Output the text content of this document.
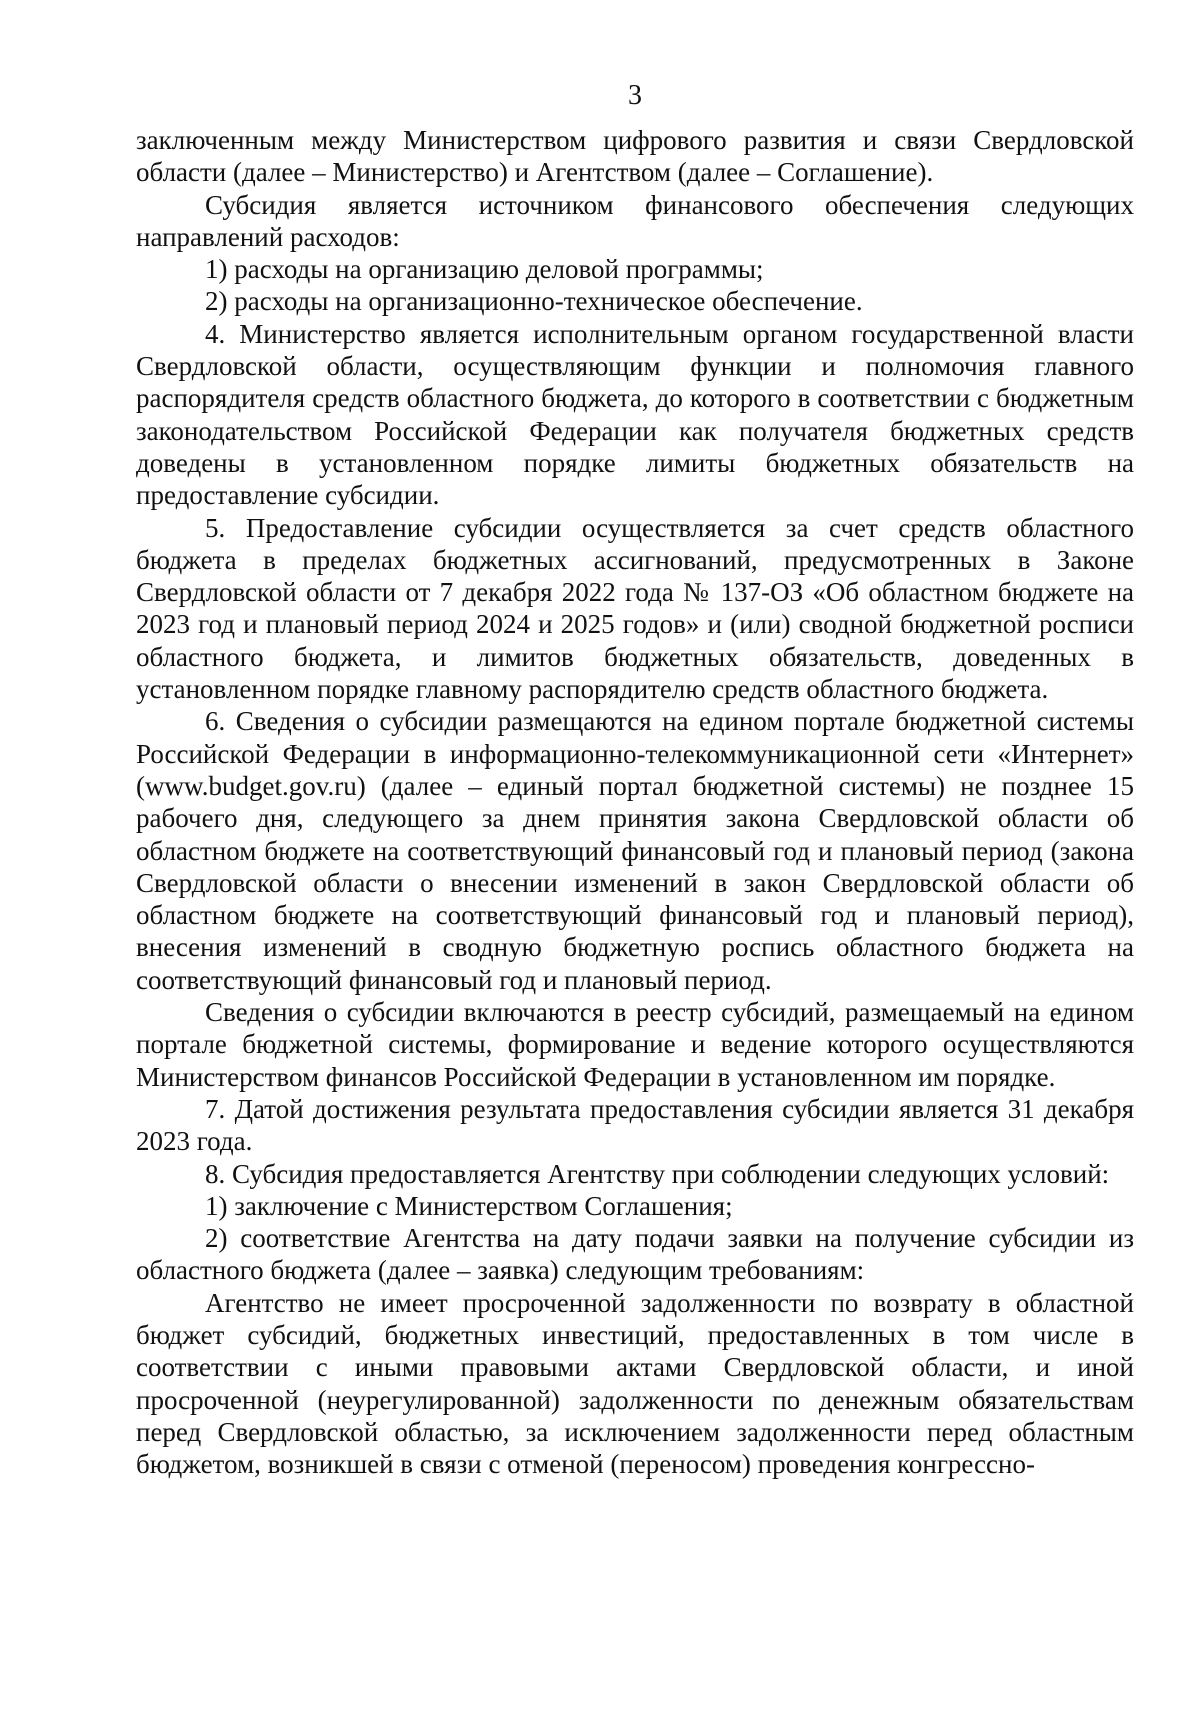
3

заключенным между Министерством цифрового развития и связи Свердловской области (далее – Министерство) и Агентством (далее – Соглашение).

Субсидия является источником финансового обеспечения следующих направлений расходов:

1) расходы на организацию деловой программы;

2) расходы на организационно-техническое обеспечение.

4. Министерство является исполнительным органом государственной власти Свердловской области, осуществляющим функции и полномочия главного распорядителя средств областного бюджета, до которого в соответствии с бюджетным законодательством Российской Федерации как получателя бюджетных средств доведены в установленном порядке лимиты бюджетных обязательств на предоставление субсидии.

5. Предоставление субсидии осуществляется за счет средств областного бюджета в пределах бюджетных ассигнований, предусмотренных в Законе Свердловской области от 7 декабря 2022 года № 137-ОЗ «Об областном бюджете на 2023 год и плановый период 2024 и 2025 годов» и (или) сводной бюджетной росписи областного бюджета, и лимитов бюджетных обязательств, доведенных в установленном порядке главному распорядителю средств областного бюджета.

6. Сведения о субсидии размещаются на едином портале бюджетной системы Российской Федерации в информационно-телекоммуникационной сети «Интернет» (www.budget.gov.ru) (далее – единый портал бюджетной системы) не позднее 15 рабочего дня, следующего за днем принятия закона Свердловской области об областном бюджете на соответствующий финансовый год и плановый период (закона Свердловской области о внесении изменений в закон Свердловской области об областном бюджете на соответствующий финансовый год и плановый период), внесения изменений в сводную бюджетную роспись областного бюджета на соответствующий финансовый год и плановый период.

Сведения о субсидии включаются в реестр субсидий, размещаемый на едином портале бюджетной системы, формирование и ведение которого осуществляются Министерством финансов Российской Федерации в установленном им порядке.

7. Датой достижения результата предоставления субсидии является 31 декабря 2023 года.

8. Субсидия предоставляется Агентству при соблюдении следующих условий:

1) заключение с Министерством Соглашения;

2) соответствие Агентства на дату подачи заявки на получение субсидии из областного бюджета (далее – заявка) следующим требованиям:

Агентство не имеет просроченной задолженности по возврату в областной бюджет субсидий, бюджетных инвестиций, предоставленных в том числе в соответствии с иными правовыми актами Свердловской области, и иной просроченной (неурегулированной) задолженности по денежным обязательствам перед Свердловской областью, за исключением задолженности перед областным бюджетом, возникшей в связи с отменой (переносом) проведения конгрессно-
